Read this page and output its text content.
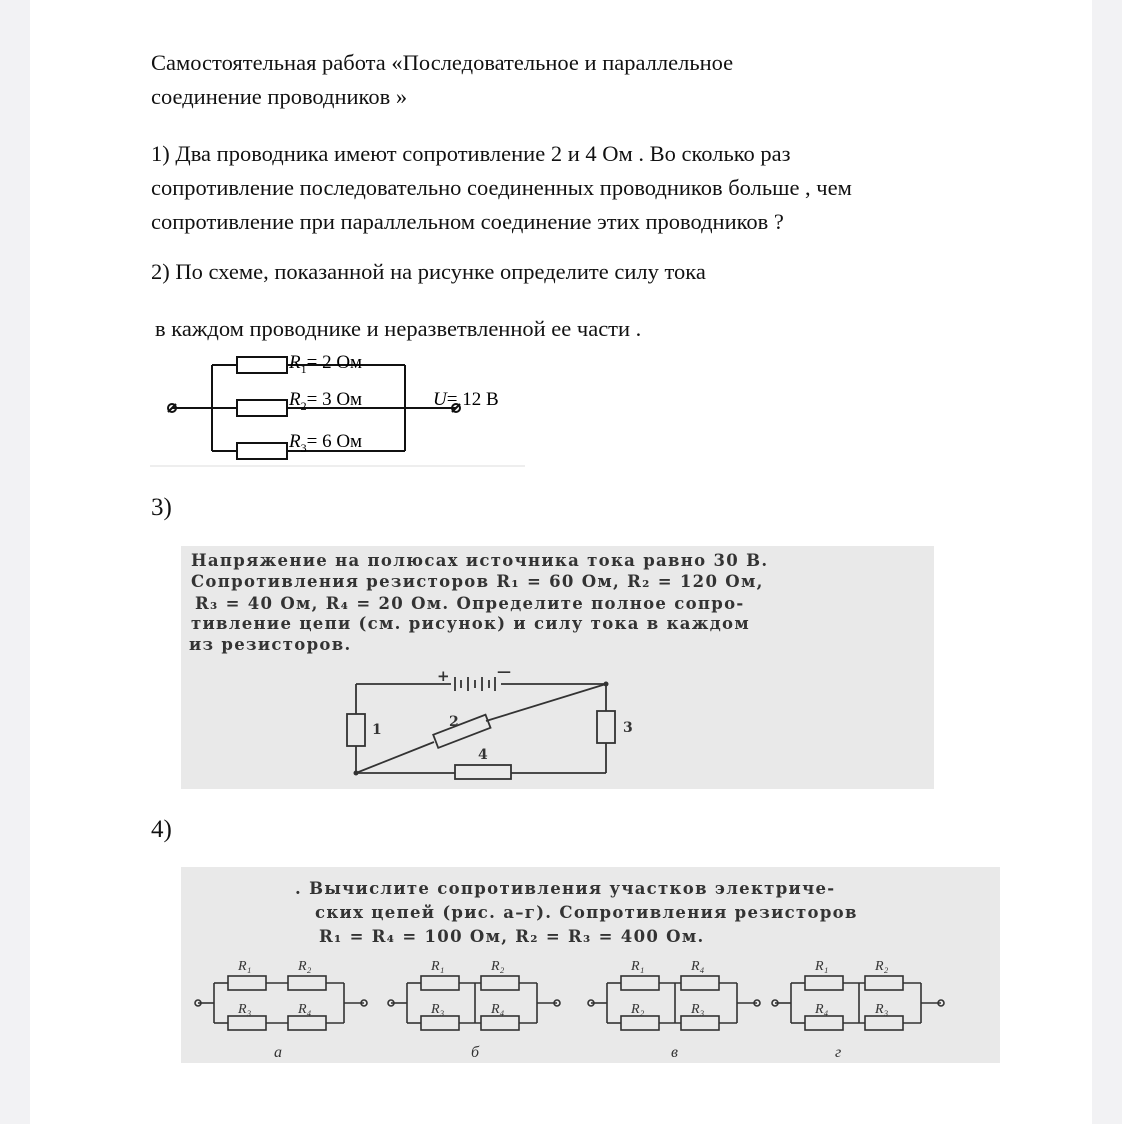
Самостоятельная работа «Последовательное и параллельное
соединение проводников »
1) Два проводника имеют сопротивление 2 и 4 Ом . Во сколько раз
сопротивление последовательно соединенных проводников больше , чем
сопротивление при параллельном соединение этих проводников ?
2) По схеме, показанной на рисунке определите силу тока
в каждом проводнике и неразветвленной ее части .
$R_1= 2$ Ом
$R_2= 3$ Ом
$R_3= 6$ Ом
U= 12 В
3)
Напряжение на полюсах источника тока равно 30 В.
Сопротивления резисторов R₁ = 60 Ом, R₂ = 120 Ом,
R₃ = 40 Ом, R₄ = 20 Ом. Определите полное сопро-
тивление цепи (см. рисунок) и силу тока в каждом
из резисторов.
+	—
1	2	3
4
4)
. Вычислите сопротивления участков электриче-
ских цепей (рис. а–г). Сопротивления резисторов
R₁ = R₄ = 100 Ом, R₂ = R₃ = 400 Ом.
R₁	R₂
R₃	R₄
а
R₁	R₂
R₃	R₄
б
R₁	R₄
R₂	R₃
в
R₁	R₂
R₄	R₃
г
